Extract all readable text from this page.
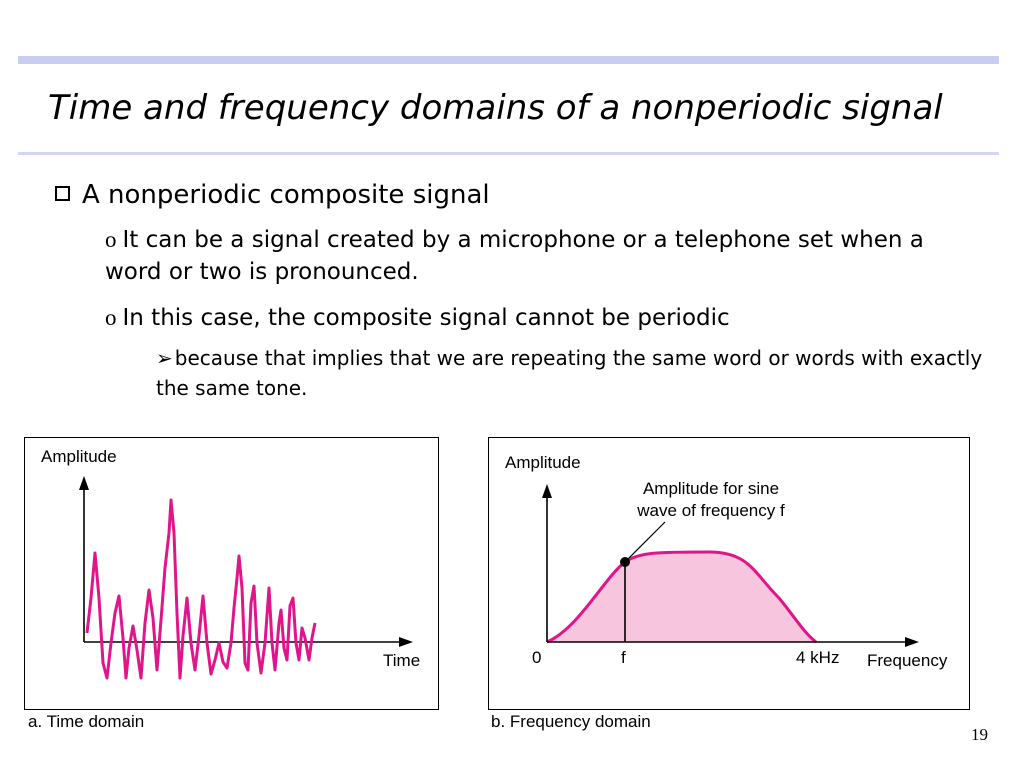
Time and frequency domains of a nonperiodic signal
A nonperiodic composite signal
o It can be a signal created by a microphone or a telephone set when a word or two is pronounced.
o In this case, the composite signal cannot be periodic
➢ because that implies that we are repeating the same word or words with exactly the same tone.
Amplitude
Time
a. Time domain
Amplitude
Amplitude for sine
wave of frequency f
0	f	4 kHz Frequency
b. Frequency domain
19
